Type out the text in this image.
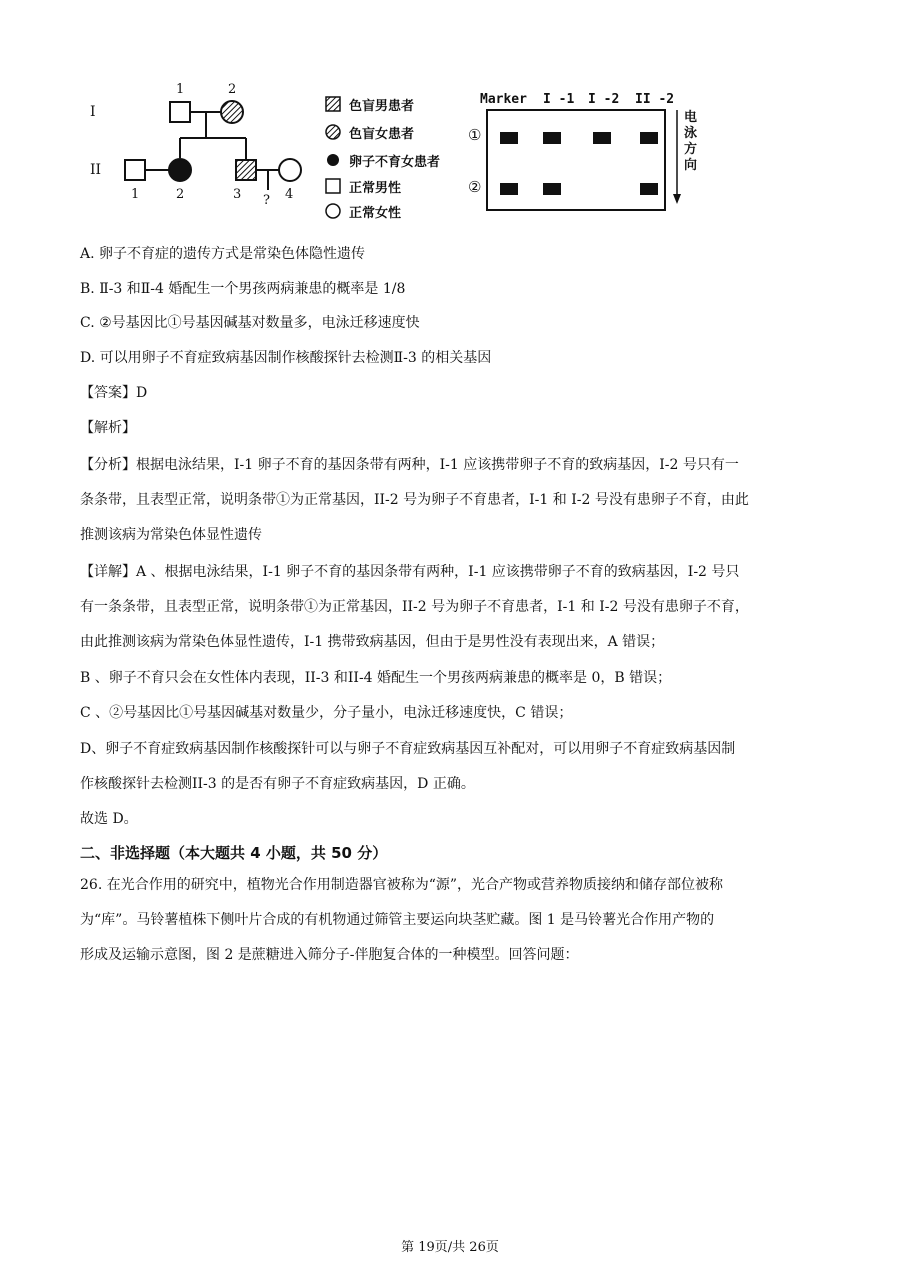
I
II
1	2
1	2	3 ? 4
色盲男患者
色盲女患者
卵子不育女患者
正常男性
正常女性
Marker I -1 I -2 II -2
①
②
电
泳
方
向
A. 卵子不育症的遗传方式是常染色体隐性遗传
B. Ⅱ-3 和Ⅱ-4 婚配生一个男孩两病兼患的概率是 1/8
C. ②号基因比①号基因碱基对数量多，电泳迁移速度快
D. 可以用卵子不育症致病基因制作核酸探针去检测Ⅱ-3 的相关基因
【答案】D
【解析】
【分析】根据电泳结果，I-1 卵子不育的基因条带有两种，I-1 应该携带卵子不育的致病基因，I-2 号只有一
条条带，且表型正常，说明条带①为正常基因，II-2 号为卵子不育患者，I-1 和 I-2 号没有患卵子不育，由此
推测该病为常染色体显性遗传
【详解】A 、根据电泳结果，I-1 卵子不育的基因条带有两种，I-1 应该携带卵子不育的致病基因，I-2 号只
有一条条带，且表型正常，说明条带①为正常基因，II-2 号为卵子不育患者，I-1 和 I-2 号没有患卵子不育，
由此推测该病为常染色体显性遗传，I-1 携带致病基因，但由于是男性没有表现出来，A 错误；
B 、卵子不育只会在女性体内表现，II-3 和II-4 婚配生一个男孩两病兼患的概率是 0，B 错误；
C 、②号基因比①号基因碱基对数量少，分子量小，电泳迁移速度快，C 错误；
D、卵子不育症致病基因制作核酸探针可以与卵子不育症致病基因互补配对，可以用卵子不育症致病基因制
作核酸探针去检测II-3 的是否有卵子不育症致病基因，D 正确。
故选 D。
二、非选择题（本大题共 4 小题，共 50 分）
26. 在光合作用的研究中，植物光合作用制造器官被称为“源”，光合产物或营养物质接纳和储存部位被称
为“库”。马铃薯植株下侧叶片合成的有机物通过筛管主要运向块茎贮藏。图 1 是马铃薯光合作用产物的
形成及运输示意图，图 2 是蔗糖进入筛分子-伴胞复合体的一种模型。回答问题：
第 19页/共 26页
